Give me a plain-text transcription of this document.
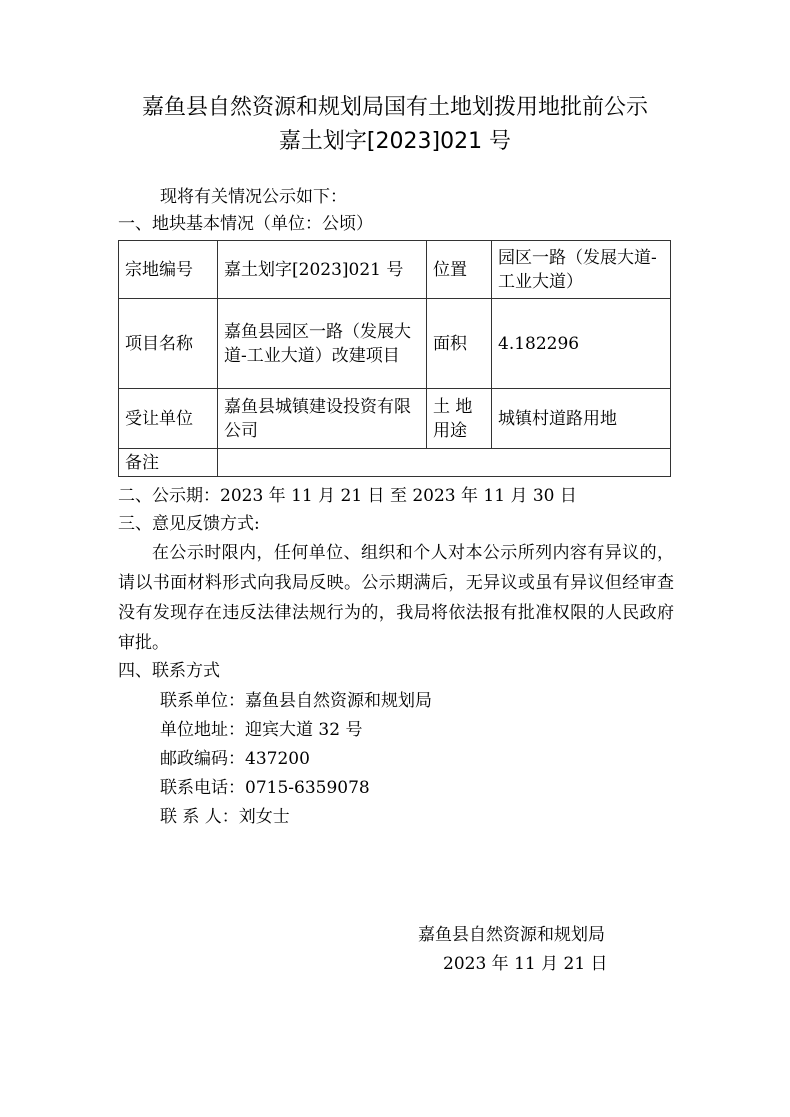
嘉鱼县自然资源和规划局国有土地划拨用地批前公示
嘉土划字[2023]021 号
现将有关情况公示如下：
一、地块基本情况（单位：公顷）
宗地编号	嘉土划字[2023]021 号	位置	园区一路（发展大道-工业大道）
项目名称	嘉鱼县园区一路（发展大道-工业大道）改建项目	面积	4.182296
受让单位	嘉鱼县城镇建设投资有限公司	土 地 用途	城镇村道路用地
备注			
二、公示期：2023 年 11 月 21 日 至 2023 年 11 月 30 日
三、意见反馈方式:
在公示时限内，任何单位、组织和个人对本公示所列内容有异议的，请以书面材料形式向我局反映。公示期满后，无异议或虽有异议但经审查没有发现存在违反法律法规行为的，我局将依法报有批准权限的人民政府审批。
四、联系方式
联系单位：嘉鱼县自然资源和规划局
单位地址：迎宾大道 32 号
邮政编码：437200
联系电话：0715-6359078
联 系 人：刘女士
嘉鱼县自然资源和规划局
2023 年 11 月 21 日
